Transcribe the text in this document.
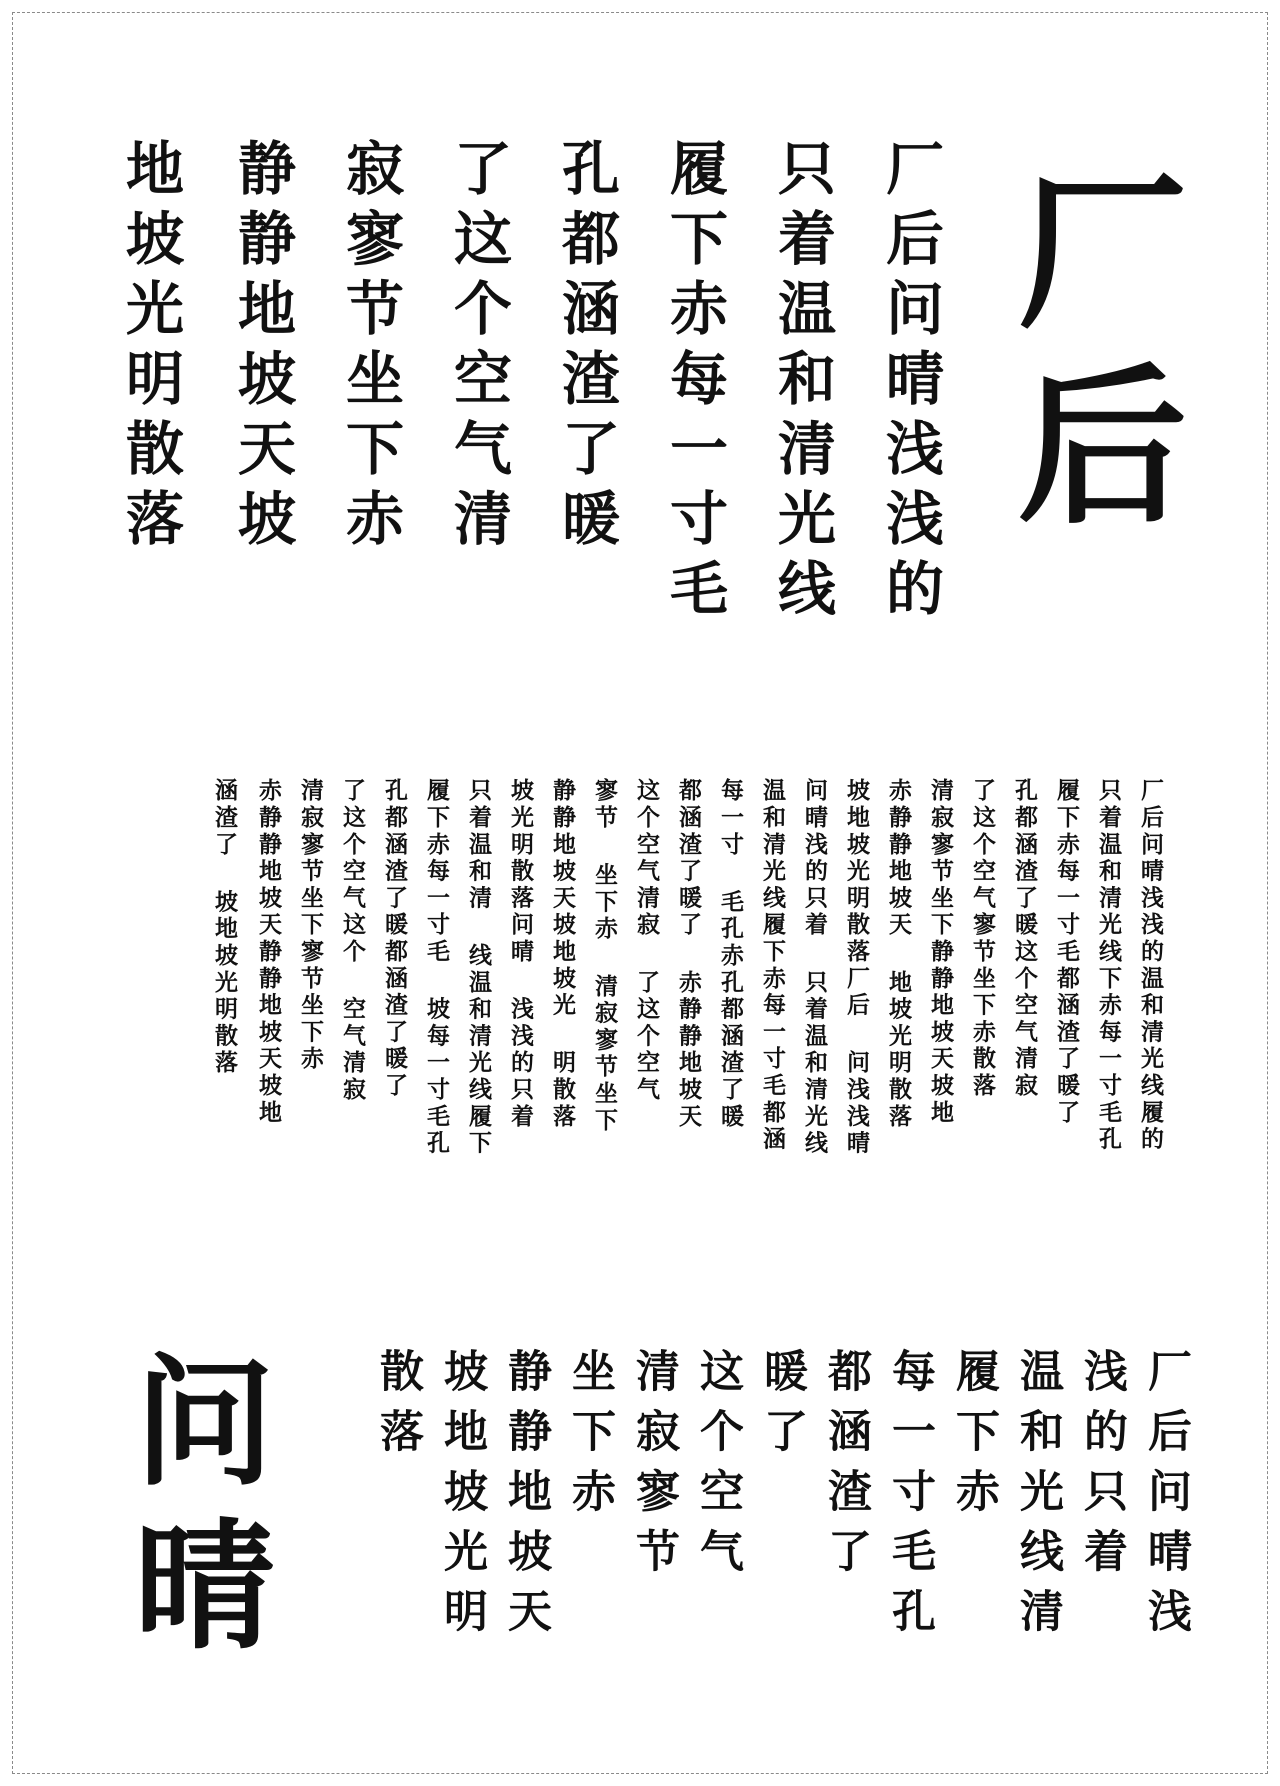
厂后问晴浅浅的
只着温和清光线
履下赤每一寸毛
孔都涵渣了暖
了这个空气清
寂寥节坐下赤
静静地坡天坡
地坡光明散落	厂后
厂后问晴浅浅的温和清光线履的
只着温和清光线下赤每一寸毛孔
履下赤每一寸毛都涵渣了暖了
孔都涵渣了暖这个空气清寂
了这个空气寥节坐下赤散落
清寂寥节坐下静静地坡天坡地
赤静静地坡天 地坡光明散落
坡地坡光明散落厂后 问浅浅晴
问晴浅的只着 只着温和清光线
温和清光线履下赤每一寸毛都涵
每一寸 毛孔赤孔都涵渣了暖
都涵渣了暖了 赤静静地坡天
这个空气清寂 了这个空气
寥节 坐下赤 清寂寥节坐下
静静地坡天坡地坡光 明散落
坡光明散落问晴 浅浅的只着
只着温和清 线温和清光线履下
履下赤每一寸毛 坡每一寸毛孔
孔都涵渣了暖都涵渣了暖了
了这个空气这个 空气清寂
清寂寥节坐下寥节坐下赤
赤静静地坡天静静地坡天坡地
涵渣了 坡地坡光明散落
问晴	厂后问晴浅
浅的只着
温和光线清
履下赤
每一寸毛孔
都涵渣了
暖了
这个空气
清寂寥节
坐下赤
静静地坡天
坡地坡光明
散落
